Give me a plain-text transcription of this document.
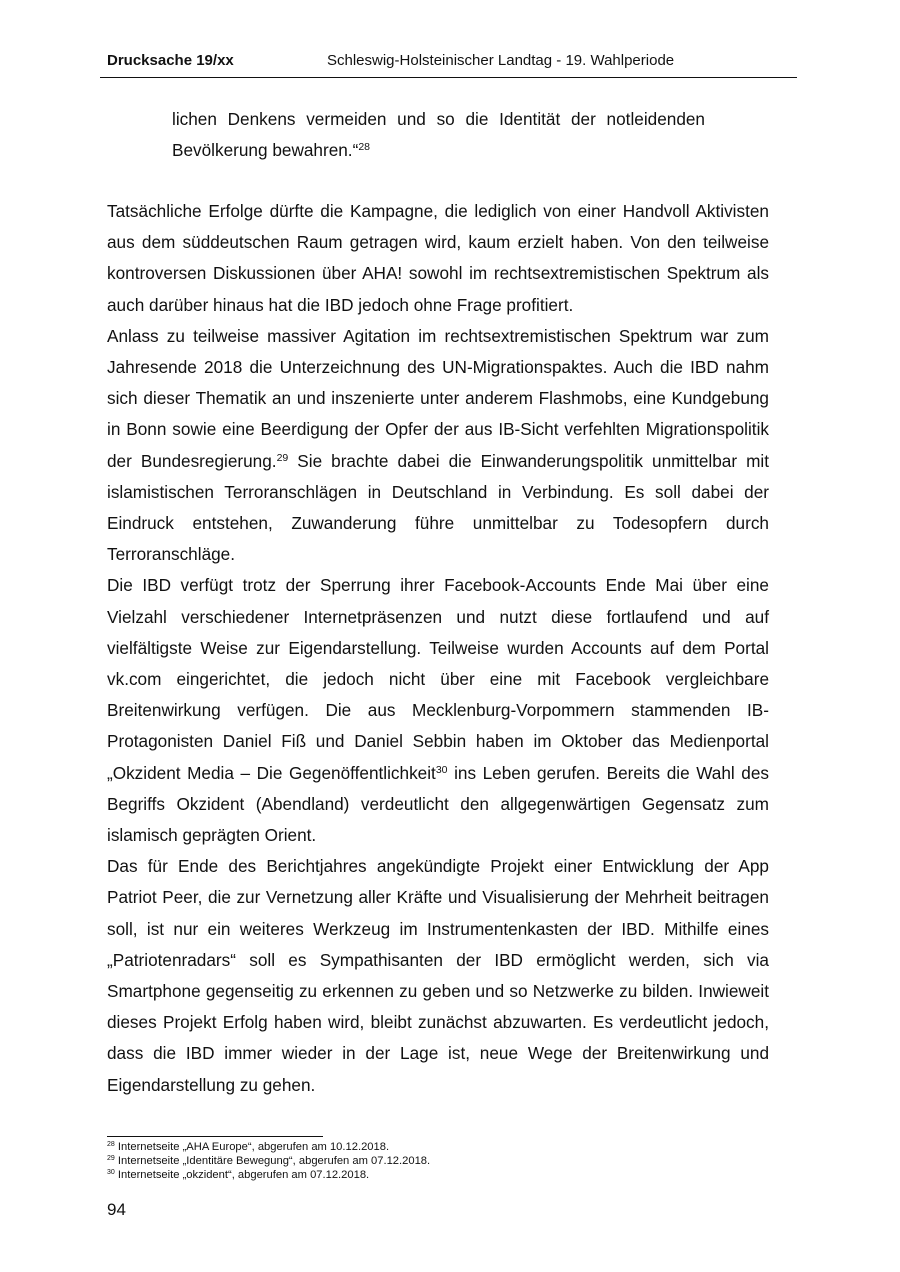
Drucksache 19/xx	Schleswig-Holsteinischer Landtag - 19. Wahlperiode
lichen Denkens vermeiden und so die Identität der notleidenden Bevölkerung bewahren.“$^{28}$

Tatsächliche Erfolge dürfte die Kampagne, die lediglich von einer Handvoll Aktivisten aus dem süddeutschen Raum getragen wird, kaum erzielt haben. Von den teilweise kontroversen Diskussionen über AHA! sowohl im rechtsextremistischen Spektrum als auch darüber hinaus hat die IBD jedoch ohne Frage profitiert.

Anlass zu teilweise massiver Agitation im rechtsextremistischen Spektrum war zum Jahresende 2018 die Unterzeichnung des UN-Migrationspaktes. Auch die IBD nahm sich dieser Thematik an und inszenierte unter anderem Flashmobs, eine Kundgebung in Bonn sowie eine Beerdigung der Opfer der aus IB-Sicht verfehlten Migrationspolitik der Bundesregierung.$^{29}$ Sie brachte dabei die Einwanderungspolitik unmittelbar mit islamistischen Terroranschlägen in Deutschland in Verbindung. Es soll dabei der Eindruck entstehen, Zuwanderung führe unmittelbar zu Todesopfern durch Terroranschläge.

Die IBD verfügt trotz der Sperrung ihrer Facebook-Accounts Ende Mai über eine Vielzahl verschiedener Internetpräsenzen und nutzt diese fortlaufend und auf vielfältigste Weise zur Eigendarstellung. Teilweise wurden Accounts auf dem Portal vk.com eingerichtet, die jedoch nicht über eine mit Facebook vergleichbare Breitenwirkung verfügen. Die aus Mecklenburg-Vorpommern stammenden IB-Protagonisten Daniel Fiß und Daniel Sebbin haben im Oktober das Medienportal „Okzident Media – Die Gegenöffentlichkeit$^{30}$ ins Leben gerufen. Bereits die Wahl des Begriffs Okzident (Abendland) verdeutlicht den allgegenwärtigen Gegensatz zum islamisch geprägten Orient.

Das für Ende des Berichtjahres angekündigte Projekt einer Entwicklung der App Patriot Peer, die zur Vernetzung aller Kräfte und Visualisierung der Mehrheit beitragen soll, ist nur ein weiteres Werkzeug im Instrumentenkasten der IBD. Mithilfe eines „Patriotenradars“ soll es Sympathisanten der IBD ermöglicht werden, sich via Smartphone gegenseitig zu erkennen zu geben und so Netzwerke zu bilden. Inwieweit dieses Projekt Erfolg haben wird, bleibt zunächst abzuwarten. Es verdeutlicht jedoch, dass die IBD immer wieder in der Lage ist, neue Wege der Breitenwirkung und Eigendarstellung zu gehen.

$^{28}$ Internetseite „AHA Europe“, abgerufen am 10.12.2018.
$^{29}$ Internetseite „Identitäre Bewegung“, abgerufen am 07.12.2018.
$^{30}$ Internetseite „okzident“, abgerufen am 07.12.2018.
94
